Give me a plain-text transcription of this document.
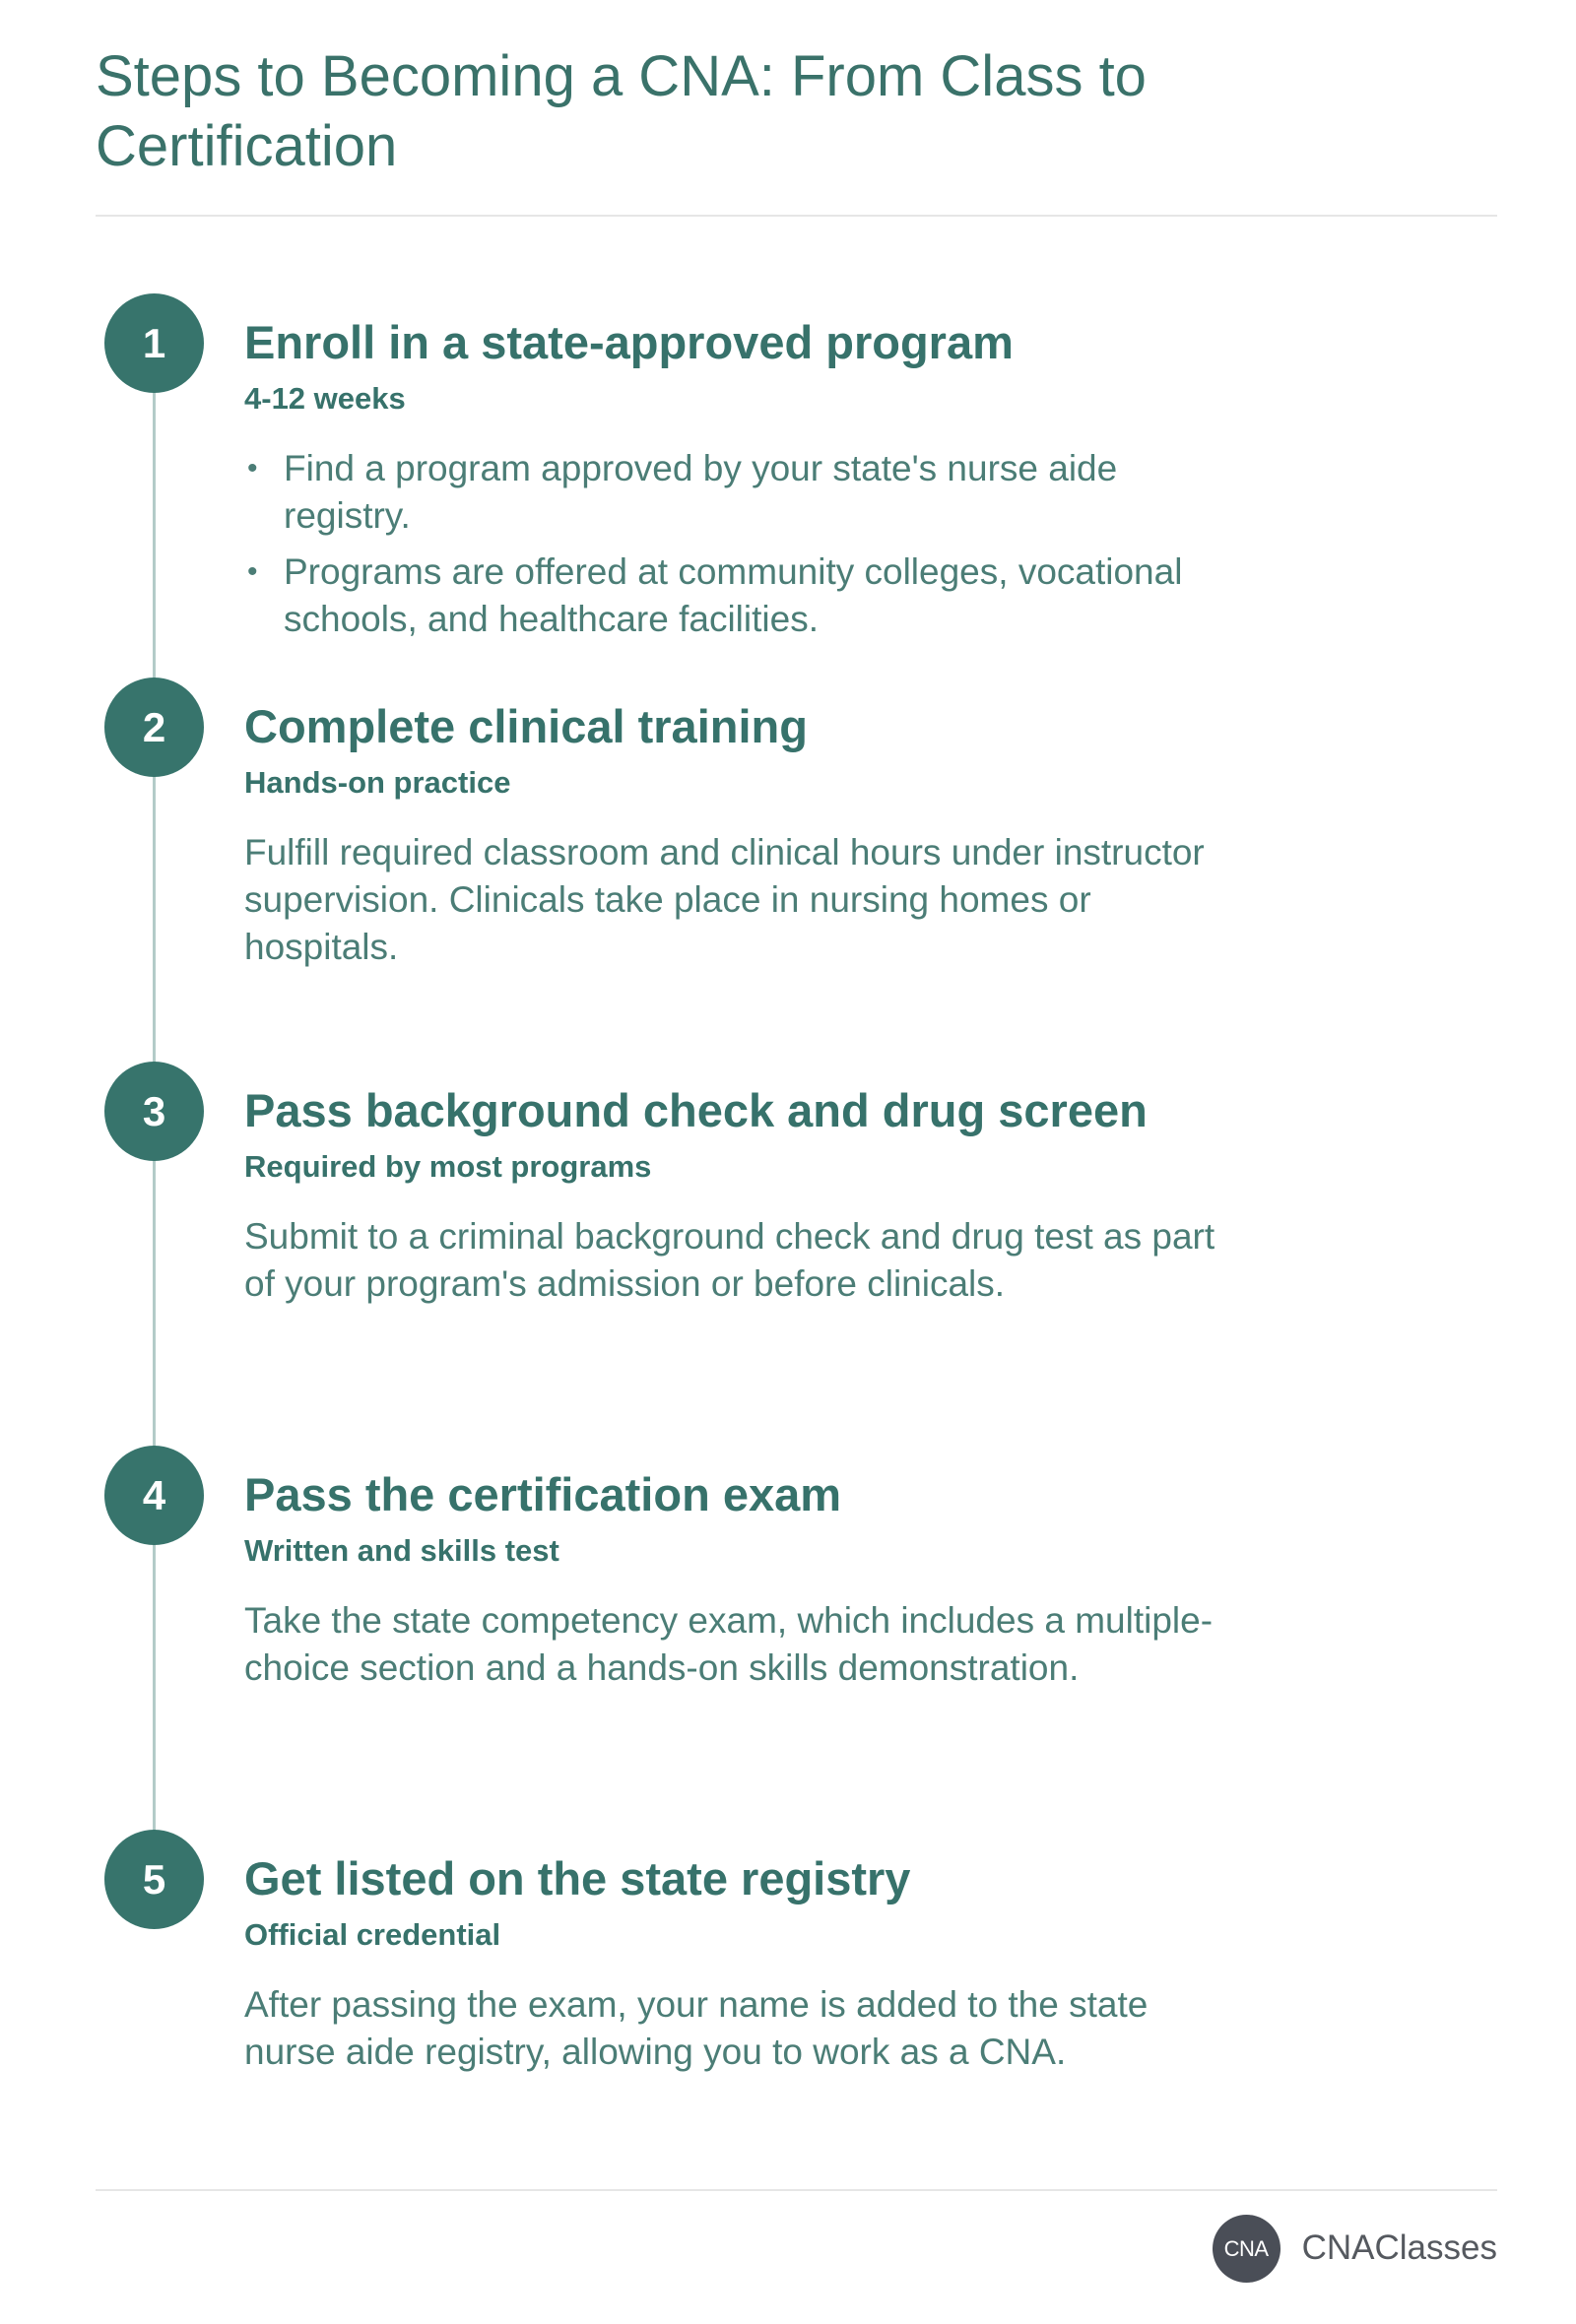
Steps to Becoming a CNA: From Class to Certification
1	Enroll in a state-approved program
4-12 weeks
• Find a program approved by your state's nurse aide registry.
• Programs are offered at community colleges, vocational schools, and healthcare facilities.
2	Complete clinical training
Hands-on practice

Fulfill required classroom and clinical hours under instructor supervision. Clinicals take place in nursing homes or hospitals.

3	Pass background check and drug screen
Required by most programs

Submit to a criminal background check and drug test as part of your program's admission or before clinicals.

4	Pass the certification exam
Written and skills test

Take the state competency exam, which includes a multiple-choice section and a hands-on skills demonstration.

5	Get listed on the state registry
Official credential

After passing the exam, your name is added to the state nurse aide registry, allowing you to work as a CNA.

CNA CNAClasses
